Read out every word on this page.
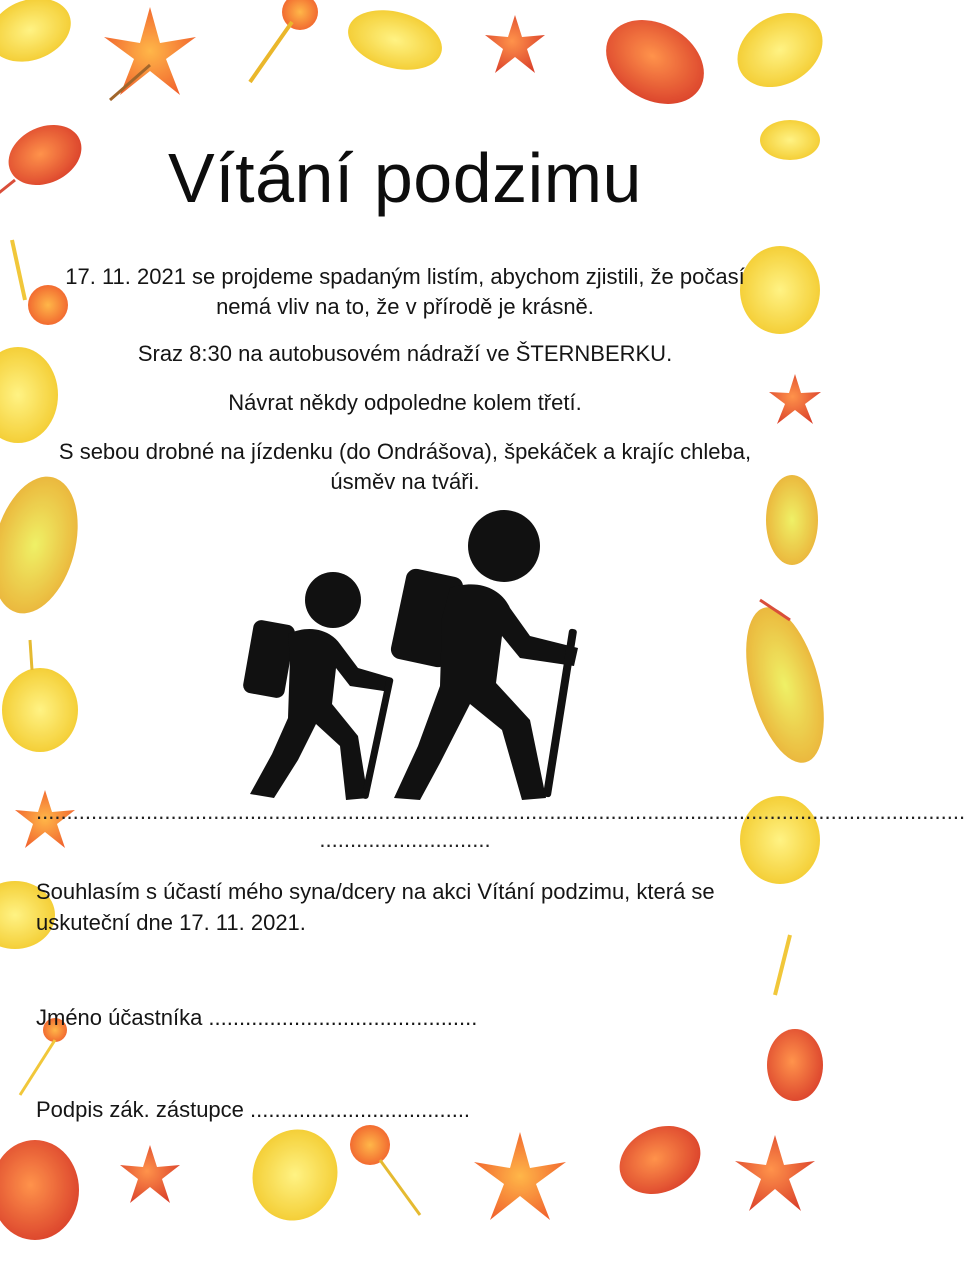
Vítání podzimu
17. 11. 2021 se projdeme spadaným listím, abychom zjistili, že počasí nemá vliv na to, že v přírodě je krásně.
Sraz 8:30 na autobusovém nádraží ve ŠTERNBERKU.
Návrat někdy odpoledne kolem třetí.
S sebou drobné na jízdenku (do Ondrášova), špekáček a krajíc chleba, úsměv na tváři.
........................................................................................................................................................
............................
Souhlasím s účastí mého syna/dcery na akci Vítání podzimu, která se uskuteční dne 17. 11. 2021.
Jméno účastníka ............................................
Podpis zák. zástupce ....................................
